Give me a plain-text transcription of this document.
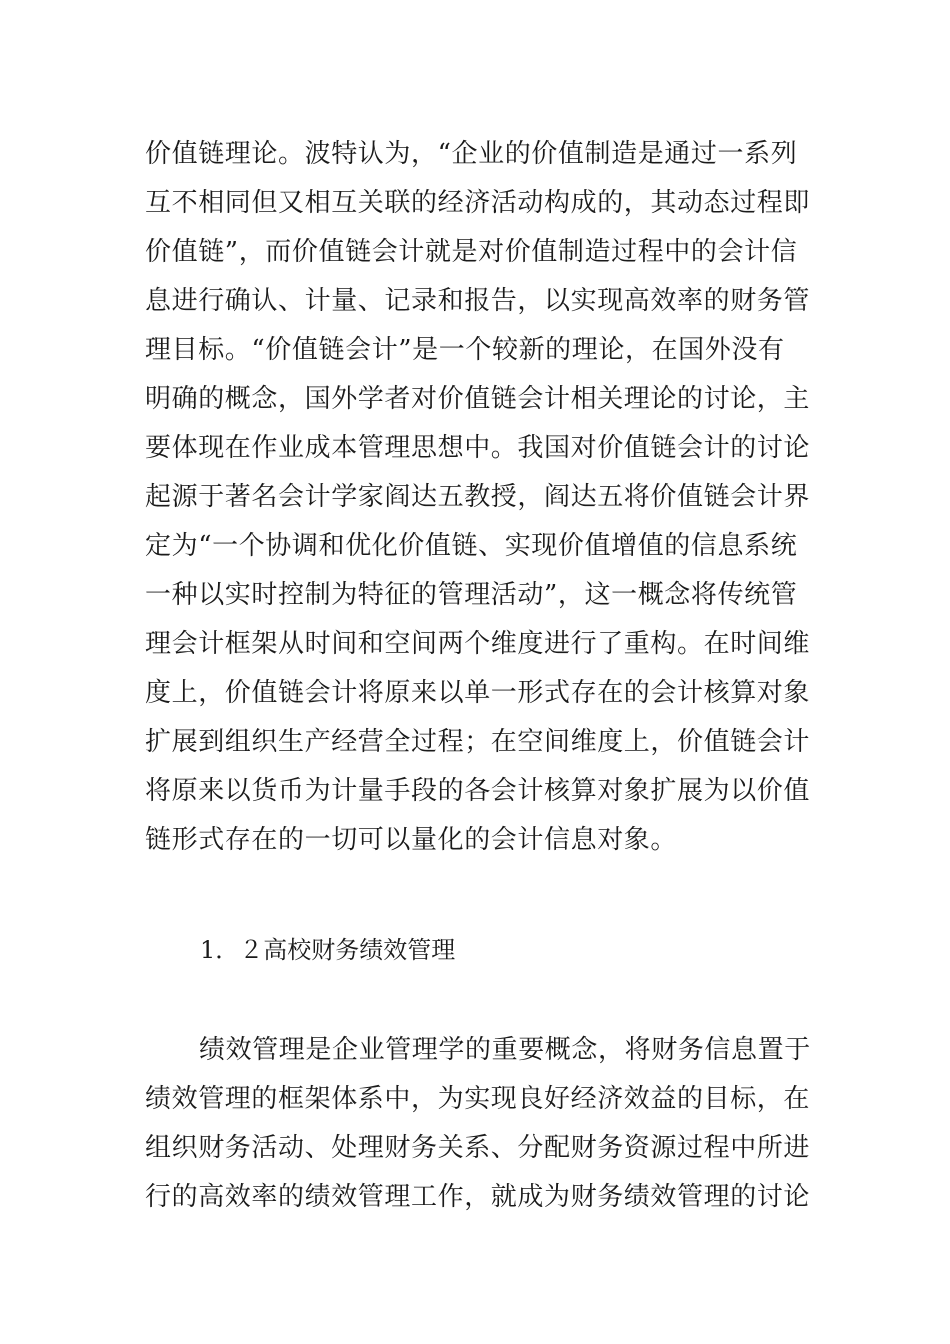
价值链理论。波特认为，“企业的价值制造是通过一系列
互不相同但又相互关联的经济活动构成的，其动态过程即
价值链”，而价值链会计就是对价值制造过程中的会计信
息进行确认、计量、记录和报告，以实现高效率的财务管
理目标。“价值链会计”是一个较新的理论，在国外没有
明确的概念，国外学者对价值链会计相关理论的讨论，主
要体现在作业成本管理思想中。我国对价值链会计的讨论
起源于著名会计学家阎达五教授，阎达五将价值链会计界
定为“一个协调和优化价值链、实现价值增值的信息系统
一种以实时控制为特征的管理活动”，这一概念将传统管
理会计框架从时间和空间两个维度进行了重构。在时间维
度上，价值链会计将原来以单一形式存在的会计核算对象
扩展到组织生产经营全过程；在空间维度上，价值链会计
将原来以货币为计量手段的各会计核算对象扩展为以价值
链形式存在的一切可以量化的会计信息对象。
1．２高校财务绩效管理
绩效管理是企业管理学的重要概念，将财务信息置于
绩效管理的框架体系中，为实现良好经济效益的目标，在
组织财务活动、处理财务关系、分配财务资源过程中所进
行的高效率的绩效管理工作，就成为财务绩效管理的讨论
